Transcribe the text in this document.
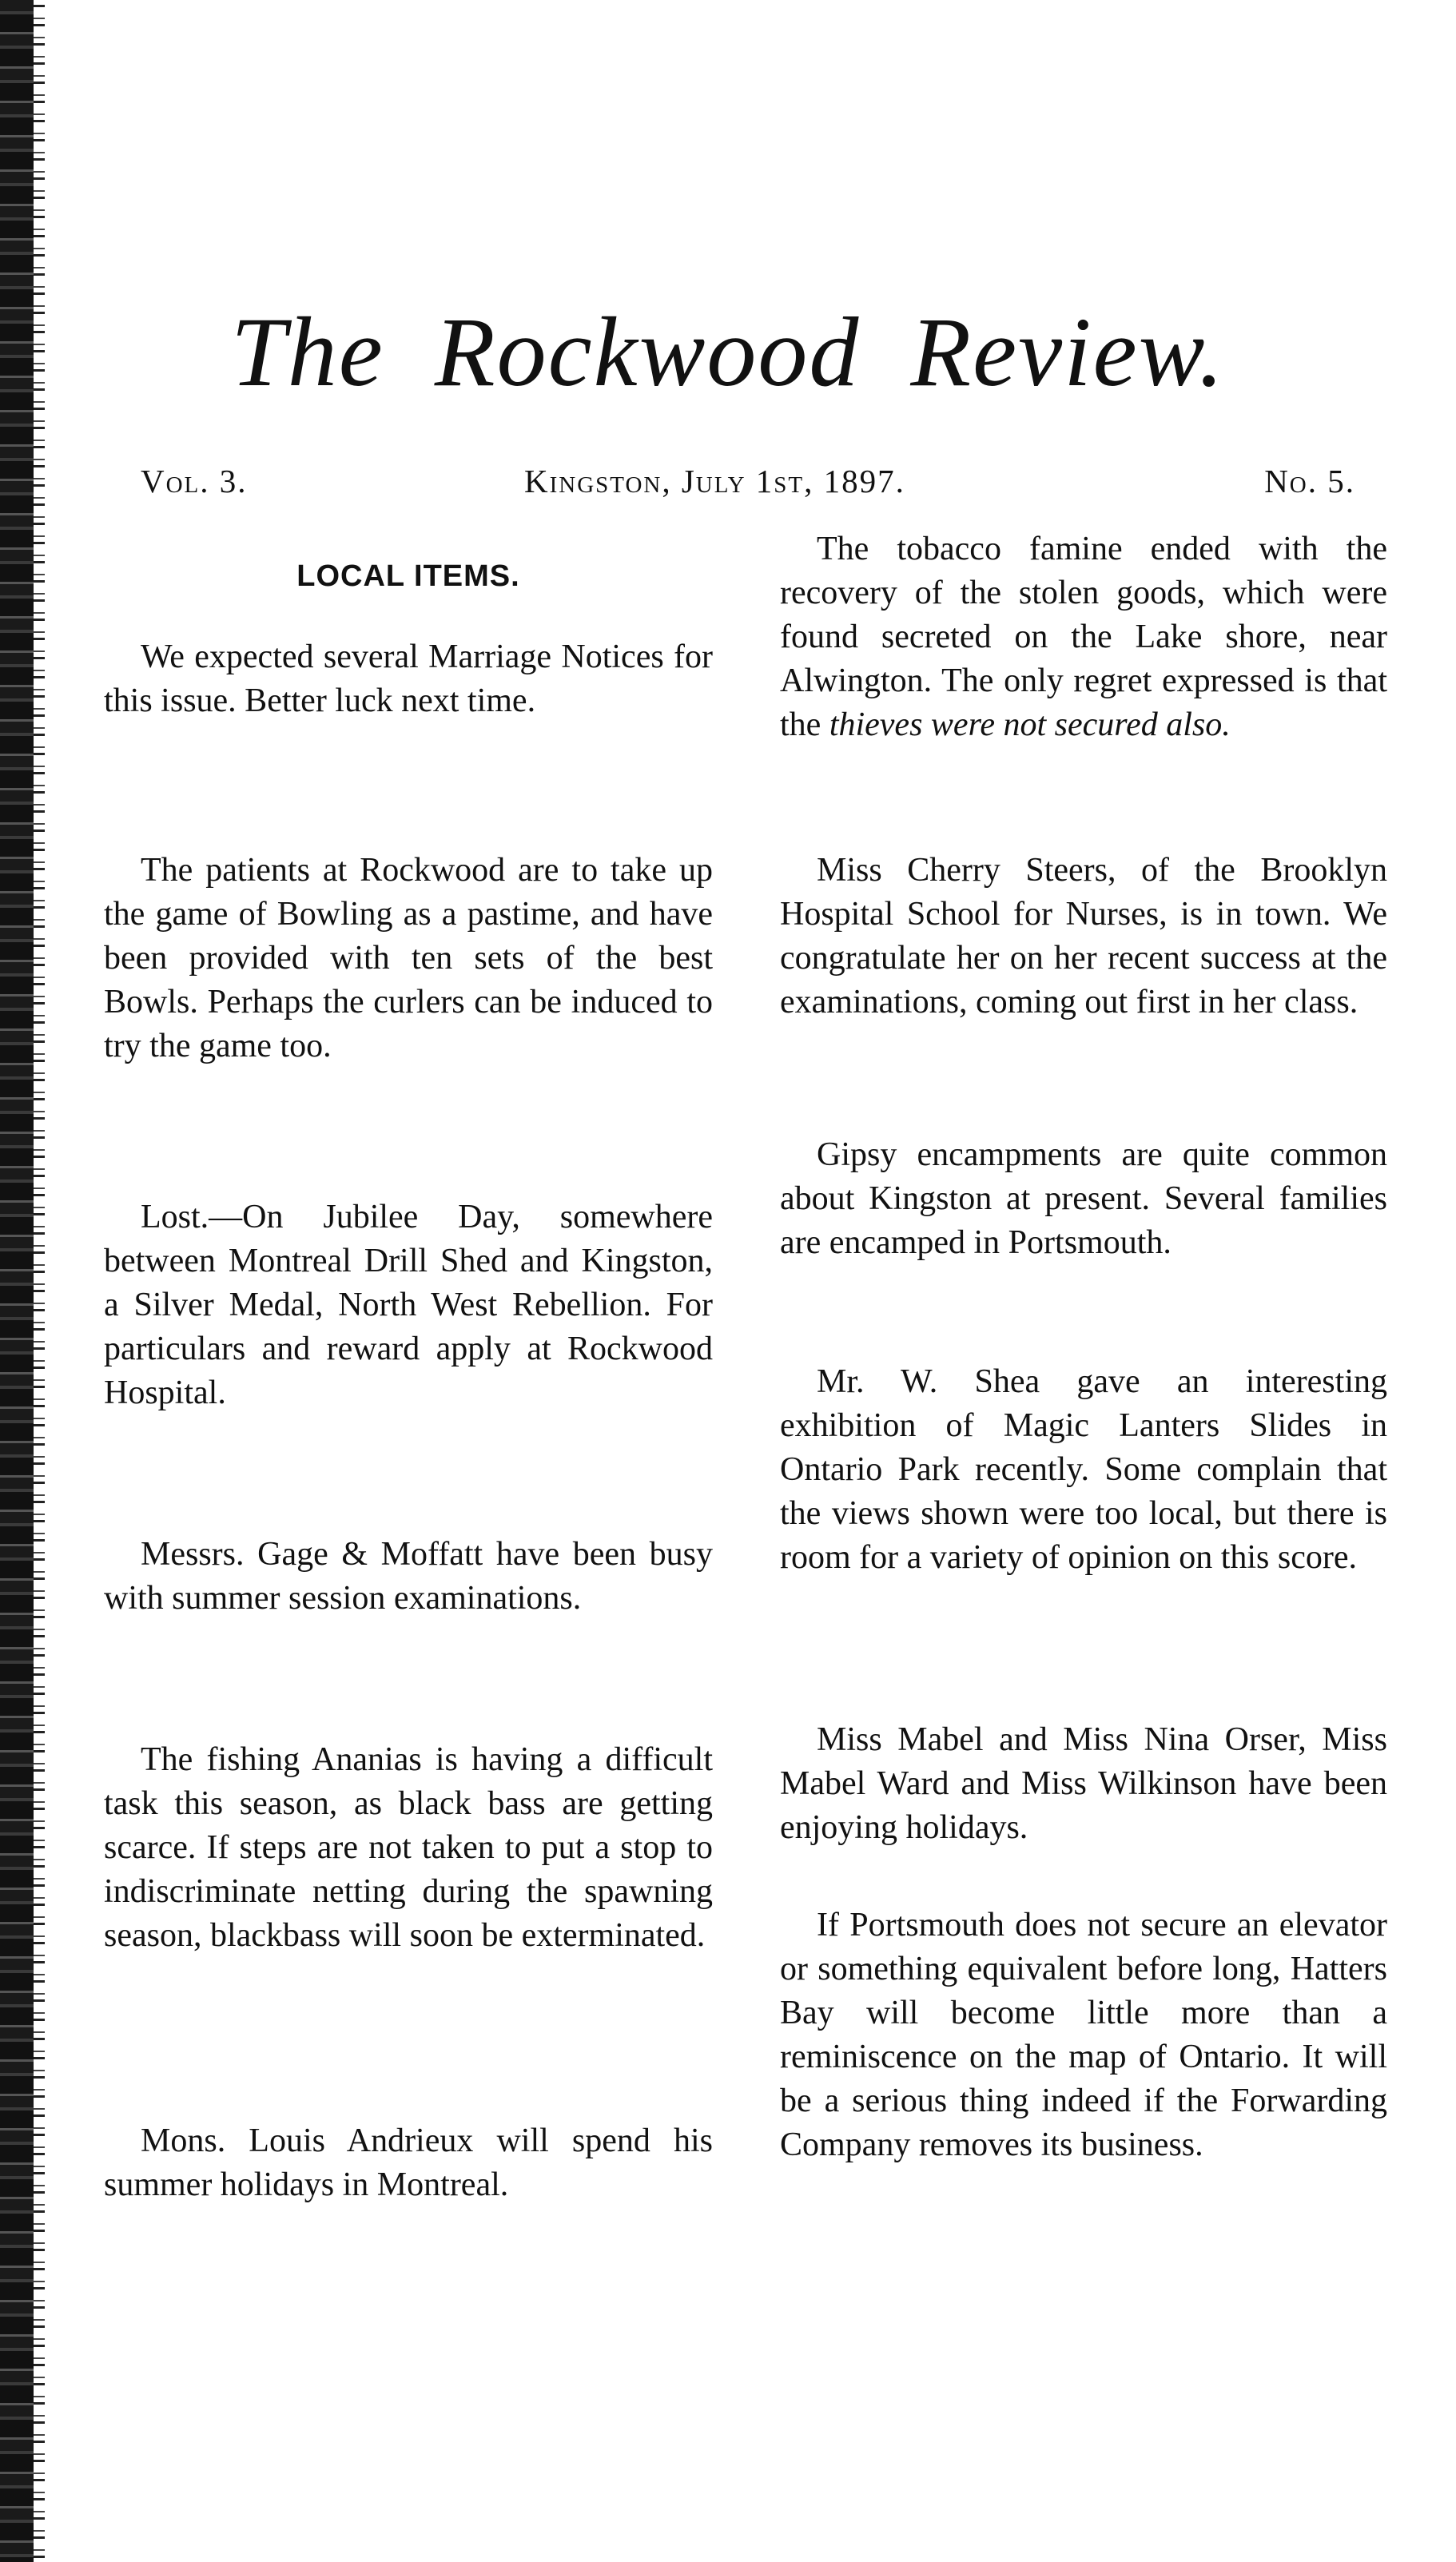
The Rockwood Review.
Vol. 3.	Kingston, July 1st, 1897.	No. 5.
LOCAL ITEMS.

We expected several Marriage Notices for this issue. Better luck next time.

The patients at Rockwood are to take up the game of Bowling as a pastime, and have been provided with ten sets of the best Bowls. Perhaps the curlers can be induced to try the game too.

Lost.—On Jubilee Day, somewhere between Montreal Drill Shed and Kingston, a Silver Medal, North West Rebellion. For particulars and reward apply at Rockwood Hospital.

Messrs. Gage & Moffatt have been busy with summer session examinations.

The fishing Ananias is having a difficult task this season, as black bass are getting scarce. If steps are not taken to put a stop to indiscriminate netting during the spawning season, blackbass will soon be exterminated.

Mons. Louis Andrieux will spend his summer holidays in Montreal.

The tobacco famine ended with the recovery of the stolen goods, which were found secreted on the Lake shore, near Alwington. The only regret expressed is that the thieves were not secured also.

Miss Cherry Steers, of the Brooklyn Hospital School for Nurses, is in town. We congratulate her on her recent success at the examinations, coming out first in her class.

Gipsy encampments are quite common about Kingston at present. Several families are encamped in Portsmouth.

Mr. W. Shea gave an interesting exhibition of Magic Lanters Slides in Ontario Park recently. Some complain that the views shown were too local, but there is room for a variety of opinion on this score.

Miss Mabel and Miss Nina Orser, Miss Mabel Ward and Miss Wilkinson have been enjoying holidays.

If Portsmouth does not secure an elevator or something equivalent before long, Hatters Bay will become little more than a reminiscence on the map of Ontario. It will be a serious thing indeed if the Forwarding Company removes its business.
